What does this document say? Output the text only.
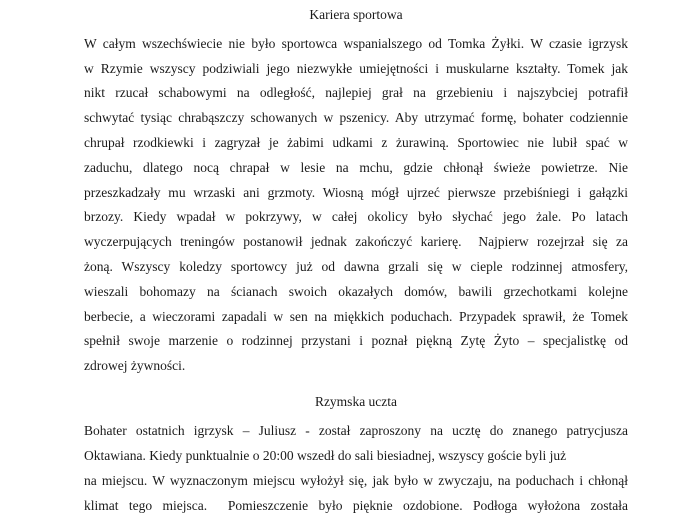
Kariera sportowa
W całym wszechświecie nie było sportowca wspanialszego od Tomka Żyłki. W czasie igrzysk
w Rzymie wszyscy podziwiali jego niezwykłe umiejętności i muskularne kształty. Tomek jak
nikt rzucał schabowymi na odległość, najlepiej grał na grzebieniu i najszybciej potrafił
schwytać tysiąc chrabąszczy schowanych w pszenicy. Aby utrzymać formę, bohater codziennie
chrupał rzodkiewki i zagryzał je żabimi udkami z żurawiną. Sportowiec nie lubił spać w
zaduchu, dlatego nocą chrapał w lesie na mchu, gdzie chłonął świeże powietrze. Nie
przeszkadzały mu wrzaski ani grzmoty. Wiosną mógł ujrzeć pierwsze przebiśniegi i gałązki
brzozy. Kiedy wpadał w pokrzywy, w całej okolicy było słychać jego żale. Po latach
wyczerpujących treningów postanowił jednak zakończyć karierę.  Najpierw rozejrzał się za
żoną. Wszyscy koledzy sportowcy już od dawna grzali się w cieple rodzinnej atmosfery,
wieszali bohomazy na ścianach swoich okazałych domów, bawili grzechotkami kolejne
berbecie, a wieczorami zapadali w sen na miękkich poduchach. Przypadek sprawił, że Tomek
spełnił swoje marzenie o rodzinnej przystani i poznał piękną Zytę Żyto – specjalistkę od
zdrowej żywności.
Rzymska uczta
Bohater ostatnich igrzysk – Juliusz - został zaproszony na ucztę do znanego patrycjusza
Oktawiana. Kiedy punktualnie o 20:00 wszedł do sali biesiadnej, wszyscy goście byli już
na miejscu. W wyznaczonym miejscu wyłożył się, jak było w zwyczaju, na poduchach i chłonął
klimat tego miejsca.  Pomieszczenie było pięknie ozdobione. Podłoga wyłożona została
